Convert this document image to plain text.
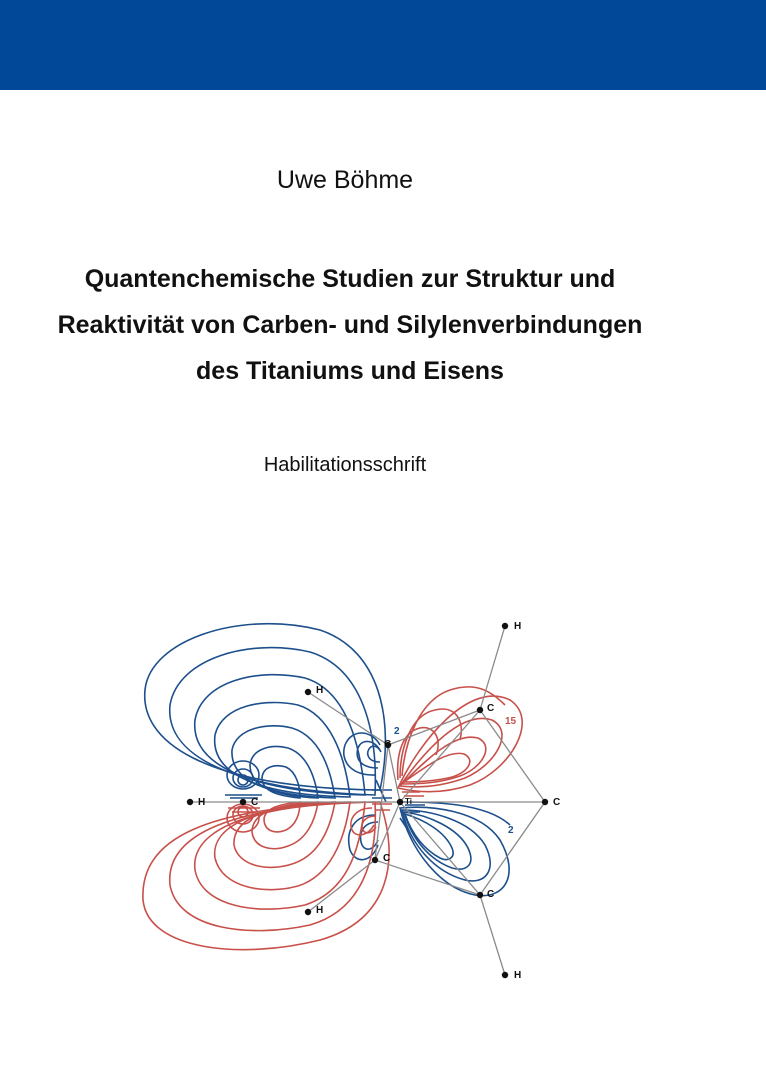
Uwe Böhme
Quantenchemische Studien zur Struktur und
Reaktivität von Carben- und Silylenverbindungen
des Titaniums und Eisens
Habilitationsschrift
H
H
H	C
C
C
Ti	C
C
C
H
H
2
15
2
